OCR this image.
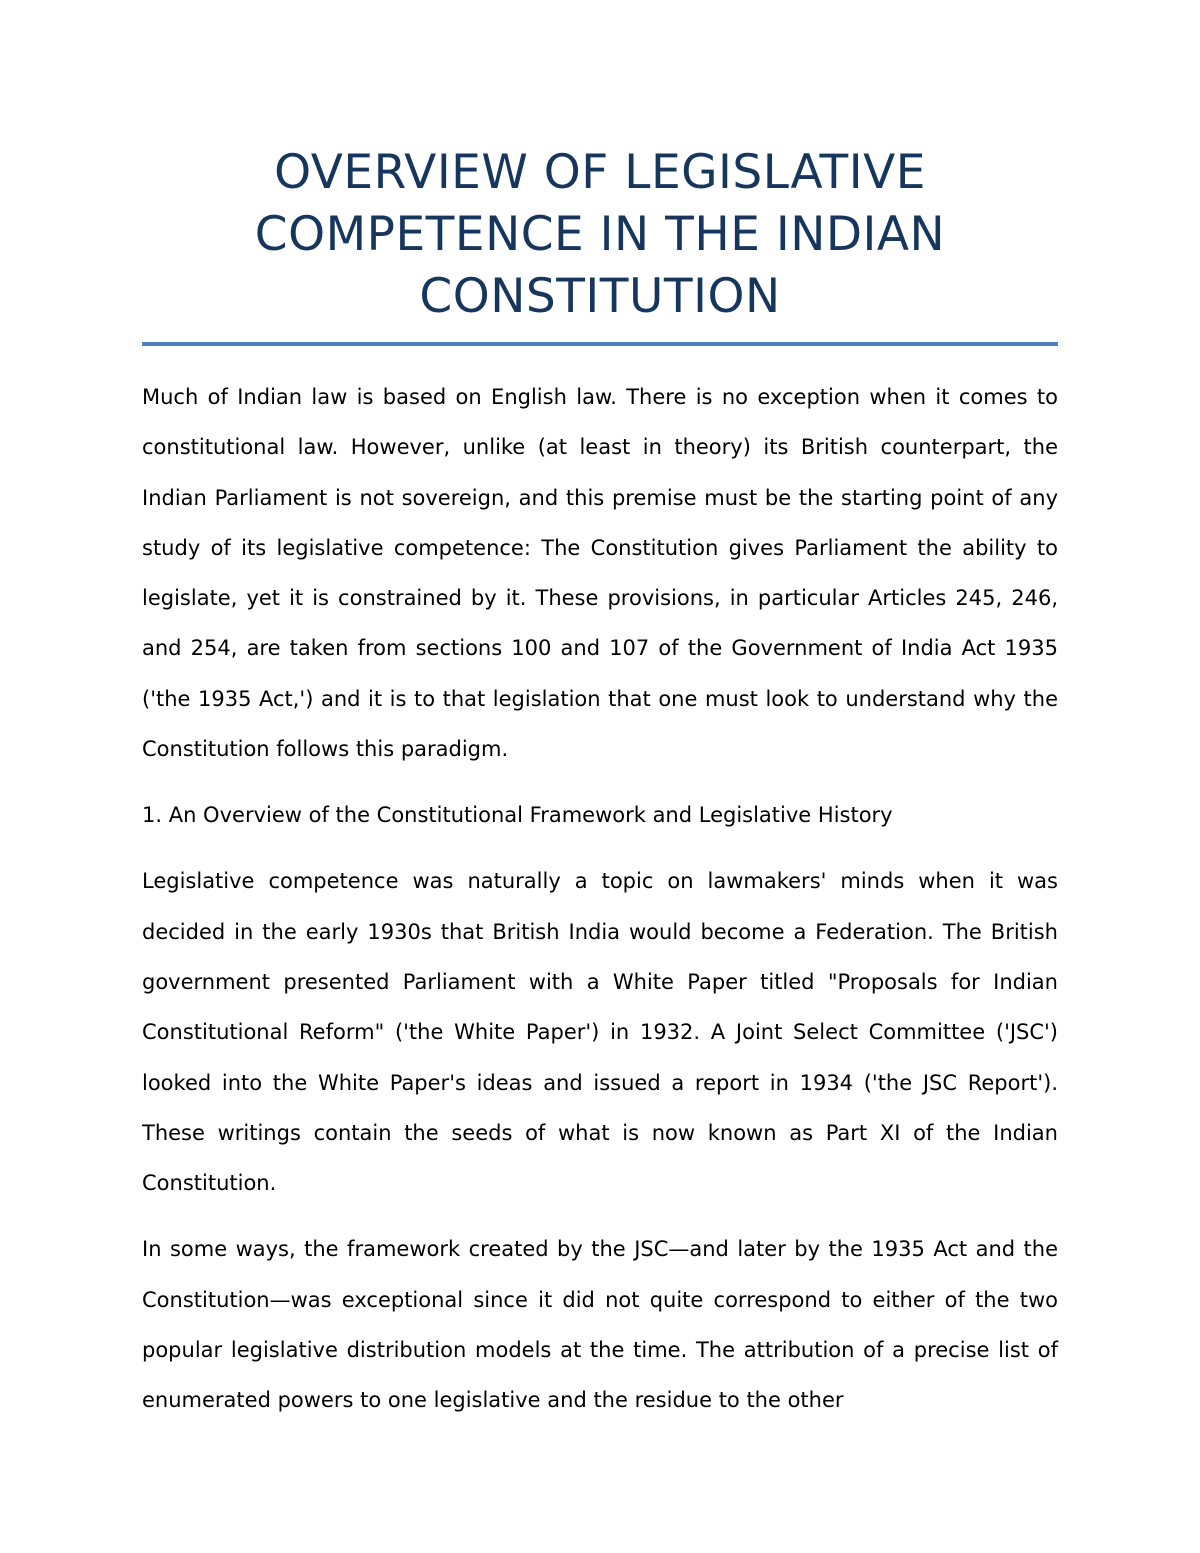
OVERVIEW OF LEGISLATIVE COMPETENCE IN THE INDIAN CONSTITUTION

Much of Indian law is based on English law. There is no exception when it comes to constitutional law. However, unlike (at least in theory) its British counterpart, the Indian Parliament is not sovereign, and this premise must be the starting point of any study of its legislative competence: The Constitution gives Parliament the ability to legislate, yet it is constrained by it. These provisions, in particular Articles 245, 246, and 254, are taken from sections 100 and 107 of the Government of India Act 1935 ('the 1935 Act,') and it is to that legislation that one must look to understand why the Constitution follows this paradigm.

1. An Overview of the Constitutional Framework and Legislative History

Legislative competence was naturally a topic on lawmakers' minds when it was decided in the early 1930s that British India would become a Federation. The British government presented Parliament with a White Paper titled "Proposals for Indian Constitutional Reform" ('the White Paper') in 1932. A Joint Select Committee ('JSC') looked into the White Paper's ideas and issued a report in 1934 ('the JSC Report'). These writings contain the seeds of what is now known as Part XI of the Indian Constitution.

In some ways, the framework created by the JSC—and later by the 1935 Act and the Constitution—was exceptional since it did not quite correspond to either of the two popular legislative distribution models at the time. The attribution of a precise list of enumerated powers to one legislative and the residue to the other
